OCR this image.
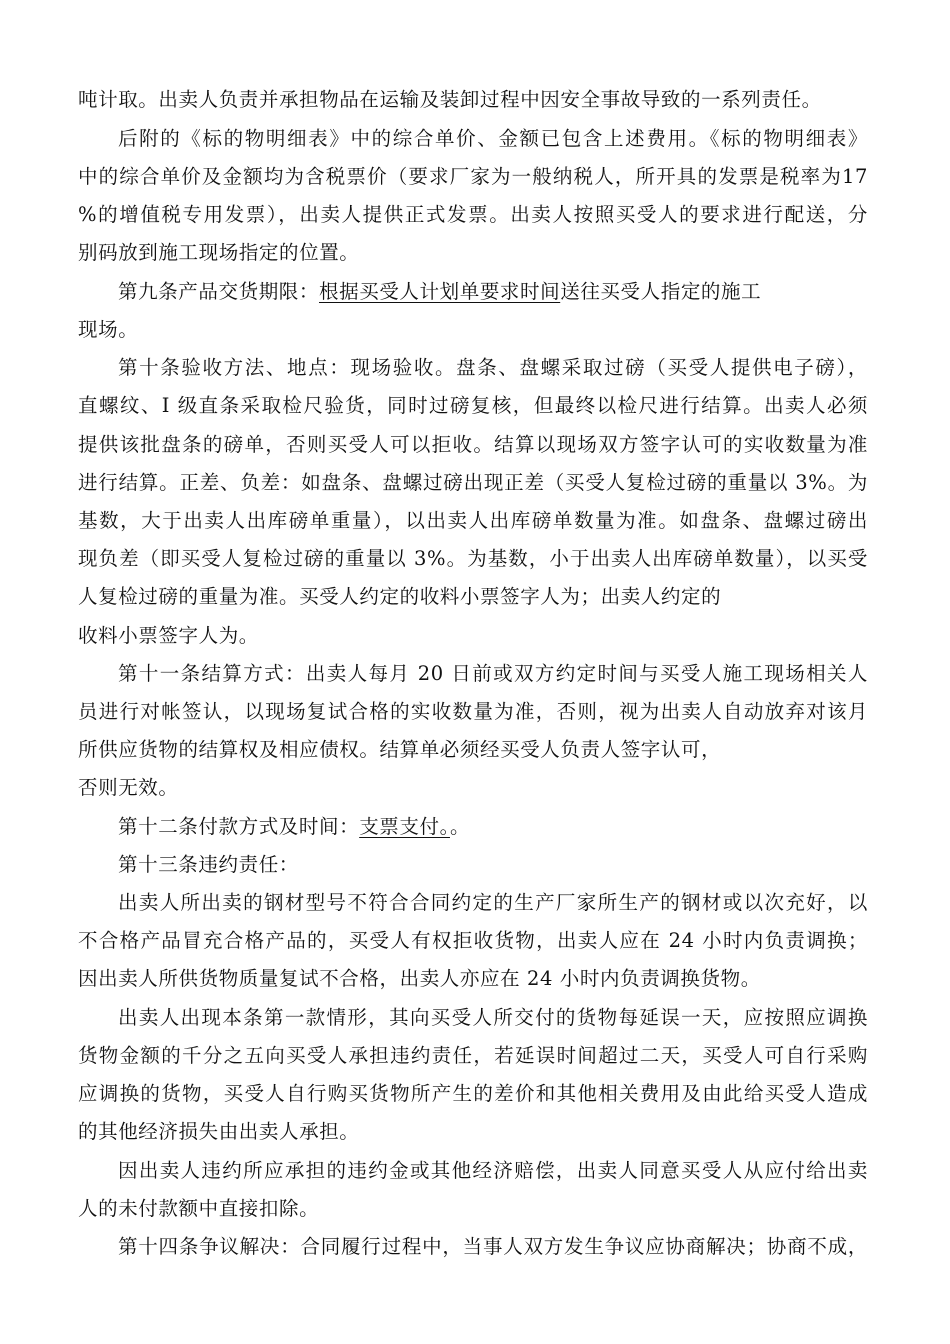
吨计取。出卖人负责并承担物品在运输及装卸过程中因安全事故导致的一系列责任。
后附的《标的物明细表》中的综合单价、金额已包含上述费用。《标的物明细表》
中的综合单价及金额均为含税票价（要求厂家为一般纳税人，所开具的发票是税率为17
%的增值税专用发票），出卖人提供正式发票。出卖人按照买受人的要求进行配送，分
别码放到施工现场指定的位置。
第九条产品交货期限：根据买受人计划单要求时间送往买受人指定的施工
现场。
第十条验收方法、地点：现场验收。盘条、盘螺采取过磅（买受人提供电子磅），
直螺纹、I 级直条采取检尺验货，同时过磅复核，但最终以检尺进行结算。出卖人必须
提供该批盘条的磅单，否则买受人可以拒收。结算以现场双方签字认可的实收数量为准
进行结算。正差、负差：如盘条、盘螺过磅出现正差（买受人复检过磅的重量以 3%。为
基数，大于出卖人出库磅单重量），以出卖人出库磅单数量为准。如盘条、盘螺过磅出
现负差（即买受人复检过磅的重量以 3%。为基数，小于出卖人出库磅单数量），以买受
人复检过磅的重量为准。买受人约定的收料小票签字人为；出卖人约定的
收料小票签字人为。
第十一条结算方式：出卖人每月 20 日前或双方约定时间与买受人施工现场相关人
员进行对帐签认，以现场复试合格的实收数量为准，否则，视为出卖人自动放弃对该月
所供应货物的结算权及相应债权。结算单必须经买受人负责人签字认可，
否则无效。
第十二条付款方式及时间：支票支付。。
第十三条违约责任：
出卖人所出卖的钢材型号不符合合同约定的生产厂家所生产的钢材或以次充好，以
不合格产品冒充合格产品的，买受人有权拒收货物，出卖人应在 24 小时内负责调换；
因出卖人所供货物质量复试不合格，出卖人亦应在 24 小时内负责调换货物。
出卖人出现本条第一款情形，其向买受人所交付的货物每延误一天，应按照应调换
货物金额的千分之五向买受人承担违约责任，若延误时间超过二天，买受人可自行采购
应调换的货物，买受人自行购买货物所产生的差价和其他相关费用及由此给买受人造成
的其他经济损失由出卖人承担。
因出卖人违约所应承担的违约金或其他经济赔偿，出卖人同意买受人从应付给出卖
人的未付款额中直接扣除。
第十四条争议解决：合同履行过程中，当事人双方发生争议应协商解决；协商不成，
